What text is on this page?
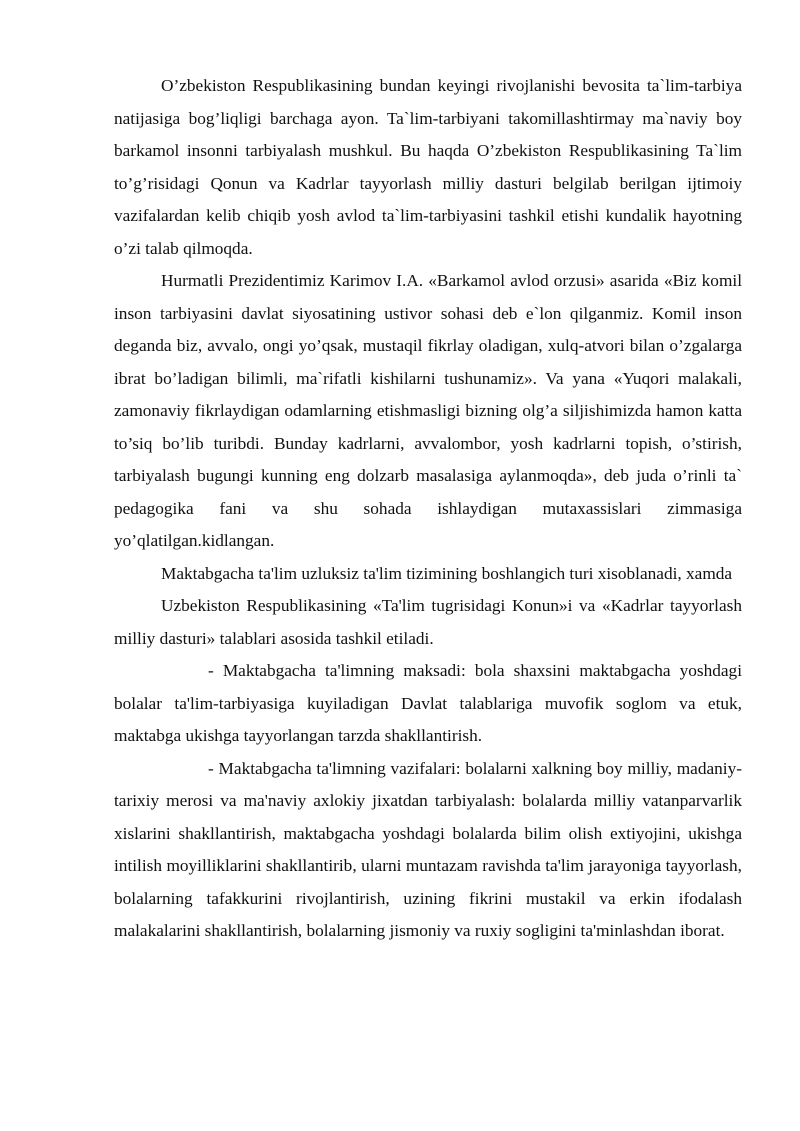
O’zbekiston Respublikasining bundan keyingi rivojlanishi bevosita ta`lim-tarbiya natijasiga bog’liqligi barchaga ayon. Ta`lim-tarbiyani takomillashtirmay ma`naviy boy barkamol insonni tarbiyalash mushkul. Bu haqda O’zbekiston Respublikasining Ta`lim to’g’risidagi Qonun va Kadrlar tayyorlash milliy dasturi belgilab berilgan ijtimoiy vazifalardan kelib chiqib yosh avlod ta`lim-tarbiyasini tashkil etishi kundalik hayotning o’zi talab qilmoqda.

Hurmatli Prezidentimiz Karimov I.A. «Barkamol avlod orzusi» asarida «Biz komil inson tarbiyasini davlat siyosatining ustivor sohasi deb e`lon qilganmiz. Komil inson deganda biz, avvalo, ongi yo’qsak, mustaqil fikrlay oladigan, xulq-atvori bilan o’zgalarga ibrat bo’ladigan bilimli, ma`rifatli kishilarni tushunamiz». Va yana «Yuqori malakali, zamonaviy fikrlaydigan odamlarning etishmasligi bizning olg’a siljishimizda hamon katta to’siq bo’lib turibdi. Bunday kadrlarni, avvalombor, yosh kadrlarni topish, o’stirish, tarbiyalash bugungi kunning eng dolzarb masalasiga aylanmoqda», deb juda o’rinli ta` pedagogika fani va shu sohada ishlaydigan mutaxassislari zimmasiga yo’qlatilgan.kidlangan.

Maktabgacha ta'lim uzluksiz ta'lim tizimining boshlangich turi xisoblanadi, xamda

Uzbekiston Respublikasining «Ta'lim tugrisidagi Konun»i va «Kadrlar tayyorlash milliy dasturi» talablari asosida tashkil etiladi.

- Maktabgacha ta'limning maksadi: bola shaxsini maktabgacha yoshdagi bolalar ta'lim-tarbiyasiga kuyiladigan Davlat talablariga muvofik soglom va etuk, maktabga ukishga tayyorlangan tarzda shakllantirish.

- Maktabgacha ta'limning vazifalari: bolalarni xalkning boy milliy, madaniy-tarixiy merosi va ma'naviy axlokiy jixatdan tarbiyalash: bolalarda milliy vatanparvarlik xislarini shakllantirish, maktabgacha yoshdagi bolalarda bilim olish extiyojini, ukishga intilish moyilliklarini shakllantirib, ularni muntazam ravishda ta'lim jarayoniga tayyorlash, bolalarning tafakkurini rivojlantirish, uzining fikrini mustakil va erkin ifodalash malakalarini shakllantirish, bolalarning jismoniy va ruxiy sogligini ta'minlashdan iborat.
